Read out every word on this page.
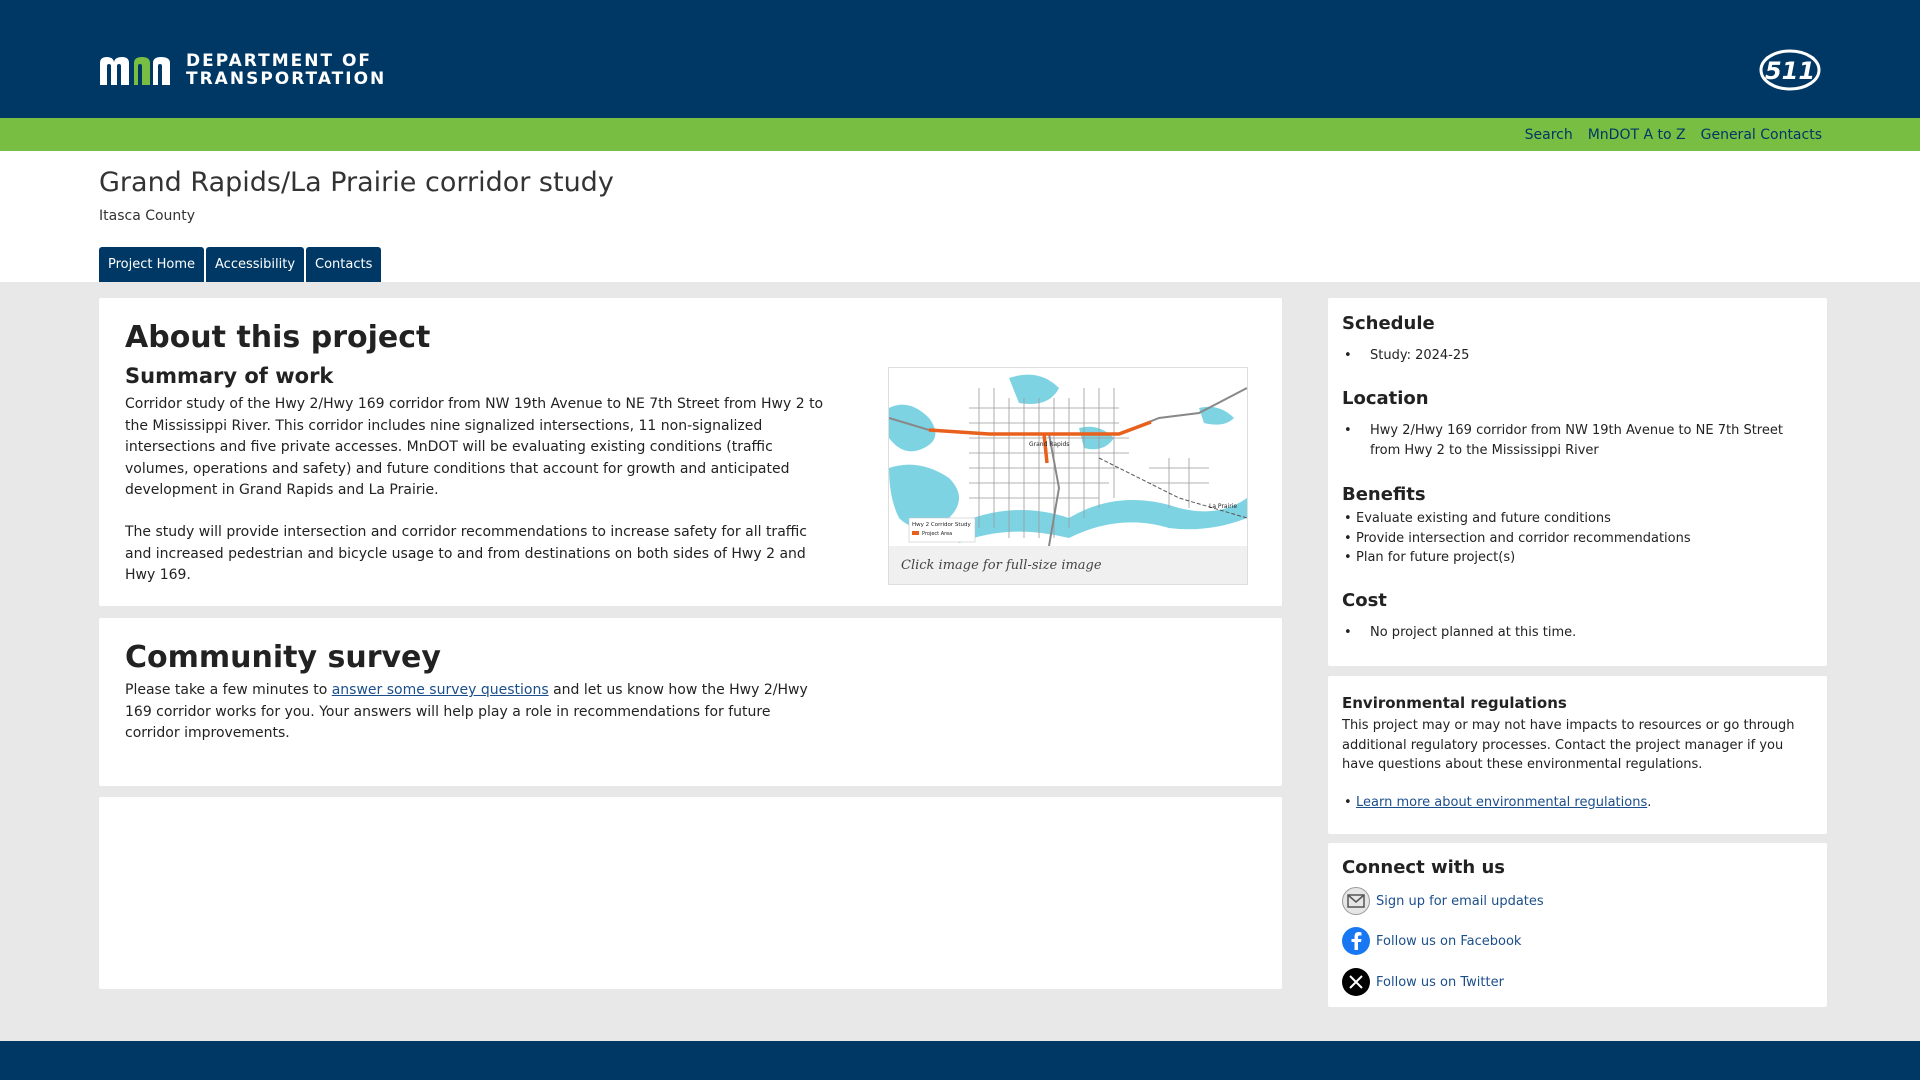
DEPARTMENT OF
TRANSPORTATION	511
Search MnDOT A to Z General Contacts
Grand Rapids/La Prairie corridor study
Itasca County
Project Home	Accessibility	Contacts
About this project
Summary of work

Corridor study of the Hwy 2/Hwy 169 corridor from NW 19th Avenue to NE 7th Street from Hwy 2 to the Mississippi River. This corridor includes nine signalized intersections, 11 non-signalized intersections and five private accesses. MnDOT will be evaluating existing conditions (traffic volumes, operations and safety) and future conditions that account for growth and anticipated development in Grand Rapids and La Prairie.

The study will provide intersection and corridor recommendations to increase safety for all traffic and increased pedestrian and bicycle usage to and from destinations on both sides of Hwy 2 and Hwy 169.

Grand Rapids
La Prairie
Hwy 2 Corridor Study
Project Area
Click image for full-size image
Community survey

Please take a few minutes to answer some survey questions and let us know how the Hwy 2/Hwy 169 corridor works for you. Your answers will help play a role in recommendations for future corridor improvements.

Schedule
• Study: 2024-25
Location
• Hwy 2/Hwy 169 corridor from NW 19th Avenue to NE 7th Street from Hwy 2 to the Mississippi River
Benefits
• Evaluate existing and future conditions
• Provide intersection and corridor recommendations
• Plan for future project(s)
Cost
• No project planned at this time.
Environmental regulations

This project may or may not have impacts to resources or go through additional regulatory processes. Contact the project manager if you have questions about these environmental regulations.

• Learn more about environmental regulations.
Connect with us
Sign up for email updates
Follow us on Facebook
Follow us on Twitter
